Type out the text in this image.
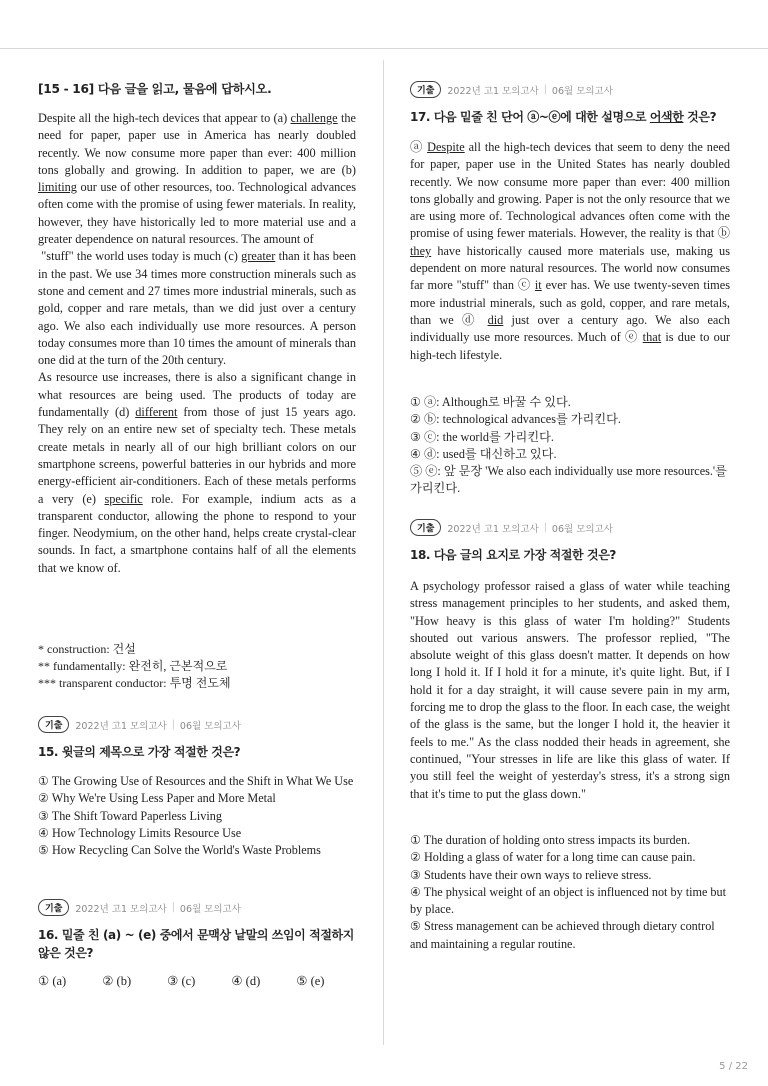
[15 - 16] 다음 글을 읽고, 물음에 답하시오.

Despite all the high-tech devices that appear to (a) challenge the need for paper, paper use in America has nearly doubled recently. We now consume more paper than ever: 400 million tons globally and growing. In addition to paper, we are (b) limiting our use of other resources, too. Technological advances often come with the promise of using fewer materials. In reality, however, they have historically led to more material use and a greater dependence on natural resources. The amount of

"stuff" the world uses today is much (c) greater than it has been in the past. We use 34 times more construction minerals such as stone and cement and 27 times more industrial minerals, such as gold, copper and rare metals, than we did just over a century ago. We also each individually use more resources. A person today consumes more than 10 times the amount of minerals than one did at the turn of the 20th century.

As resource use increases, there is also a significant change in what resources are being used. The products of today are fundamentally (d) different from those of just 15 years ago. They rely on an entire new set of specialty tech. These metals create metals in nearly all of our high brilliant colors on our smartphone screens, powerful batteries in our hybrids and more energy-efficient air-conditioners. Each of these metals performs a very (e) specific role. For example, indium acts as a transparent conductor, allowing the phone to respond to your finger. Neodymium, on the other hand, helps create crystal-clear sounds. In fact, a smartphone contains half of all the elements that we know of.

* construction: 건설
** fundamentally: 완전히, 근본적으로
*** transparent conductor: 투명 전도체
기출	2022년 고1 모의고사 | 06월 모의고사
15. 윗글의 제목으로 가장 적절한 것은?
① The Growing Use of Resources and the Shift in What We Use
② Why We're Using Less Paper and More Metal
③ The Shift Toward Paperless Living
④ How Technology Limits Resource Use
⑤ How Recycling Can Solve the World's Waste Problems
기출	2022년 고1 모의고사 | 06월 모의고사
16. 밑줄 친 (a) ~ (e) 중에서 문맥상 낱말의 쓰임이 적절하지 않은 것은?
① (a)	② (b)	③ (c)	④ (d)	⑤ (e)
기출	2022년 고1 모의고사 | 06월 모의고사
17. 다음 밑줄 친 단어 ⓐ~ⓔ에 대한 설명으로 어색한 것은?
ⓐ Despite all the high-tech devices that seem to deny the need for paper, paper use in the United States has nearly doubled recently. We now consume more paper than ever: 400 million tons globally and growing. Paper is not the only resource that we are using more of. Technological advances often come with the promise of using fewer materials. However, the reality is that ⓑ they have historically caused more materials use, making us dependent on more natural resources. The world now consumes far more "stuff" than ⓒ it ever has. We use twenty-seven times more industrial minerals, such as gold, copper, and rare metals, than we ⓓ did just over a century ago. We also each individually use more resources. Much of ⓔ that is due to our high-tech lifestyle.
① ⓐ: Although로 바꿀 수 있다.
② ⓑ: technological advances를 가리킨다.
③ ⓒ: the world를 가리킨다.
④ ⓓ: used를 대신하고 있다.
⑤ ⓔ: 앞 문장 'We also each individually use more resources.'를 가리킨다.
기출	2022년 고1 모의고사 | 06월 모의고사
18. 다음 글의 요지로 가장 적절한 것은?
A psychology professor raised a glass of water while teaching stress management principles to her students, and asked them, "How heavy is this glass of water I'm holding?" Students shouted out various answers. The professor replied, "The absolute weight of this glass doesn't matter. It depends on how long I hold it. If I hold it for a minute, it's quite light. But, if I hold it for a day straight, it will cause severe pain in my arm, forcing me to drop the glass to the floor. In each case, the weight of the glass is the same, but the longer I hold it, the heavier it feels to me." As the class nodded their heads in agreement, she continued, "Your stresses in life are like this glass of water. If you still feel the weight of yesterday's stress, it's a strong sign that it's time to put the glass down."
① The duration of holding onto stress impacts its burden.
② Holding a glass of water for a long time can cause pain.
③ Students have their own ways to relieve stress.
④ The physical weight of an object is influenced not by time but by place.
⑤ Stress management can be achieved through dietary control and maintaining a regular routine.
5 / 22
